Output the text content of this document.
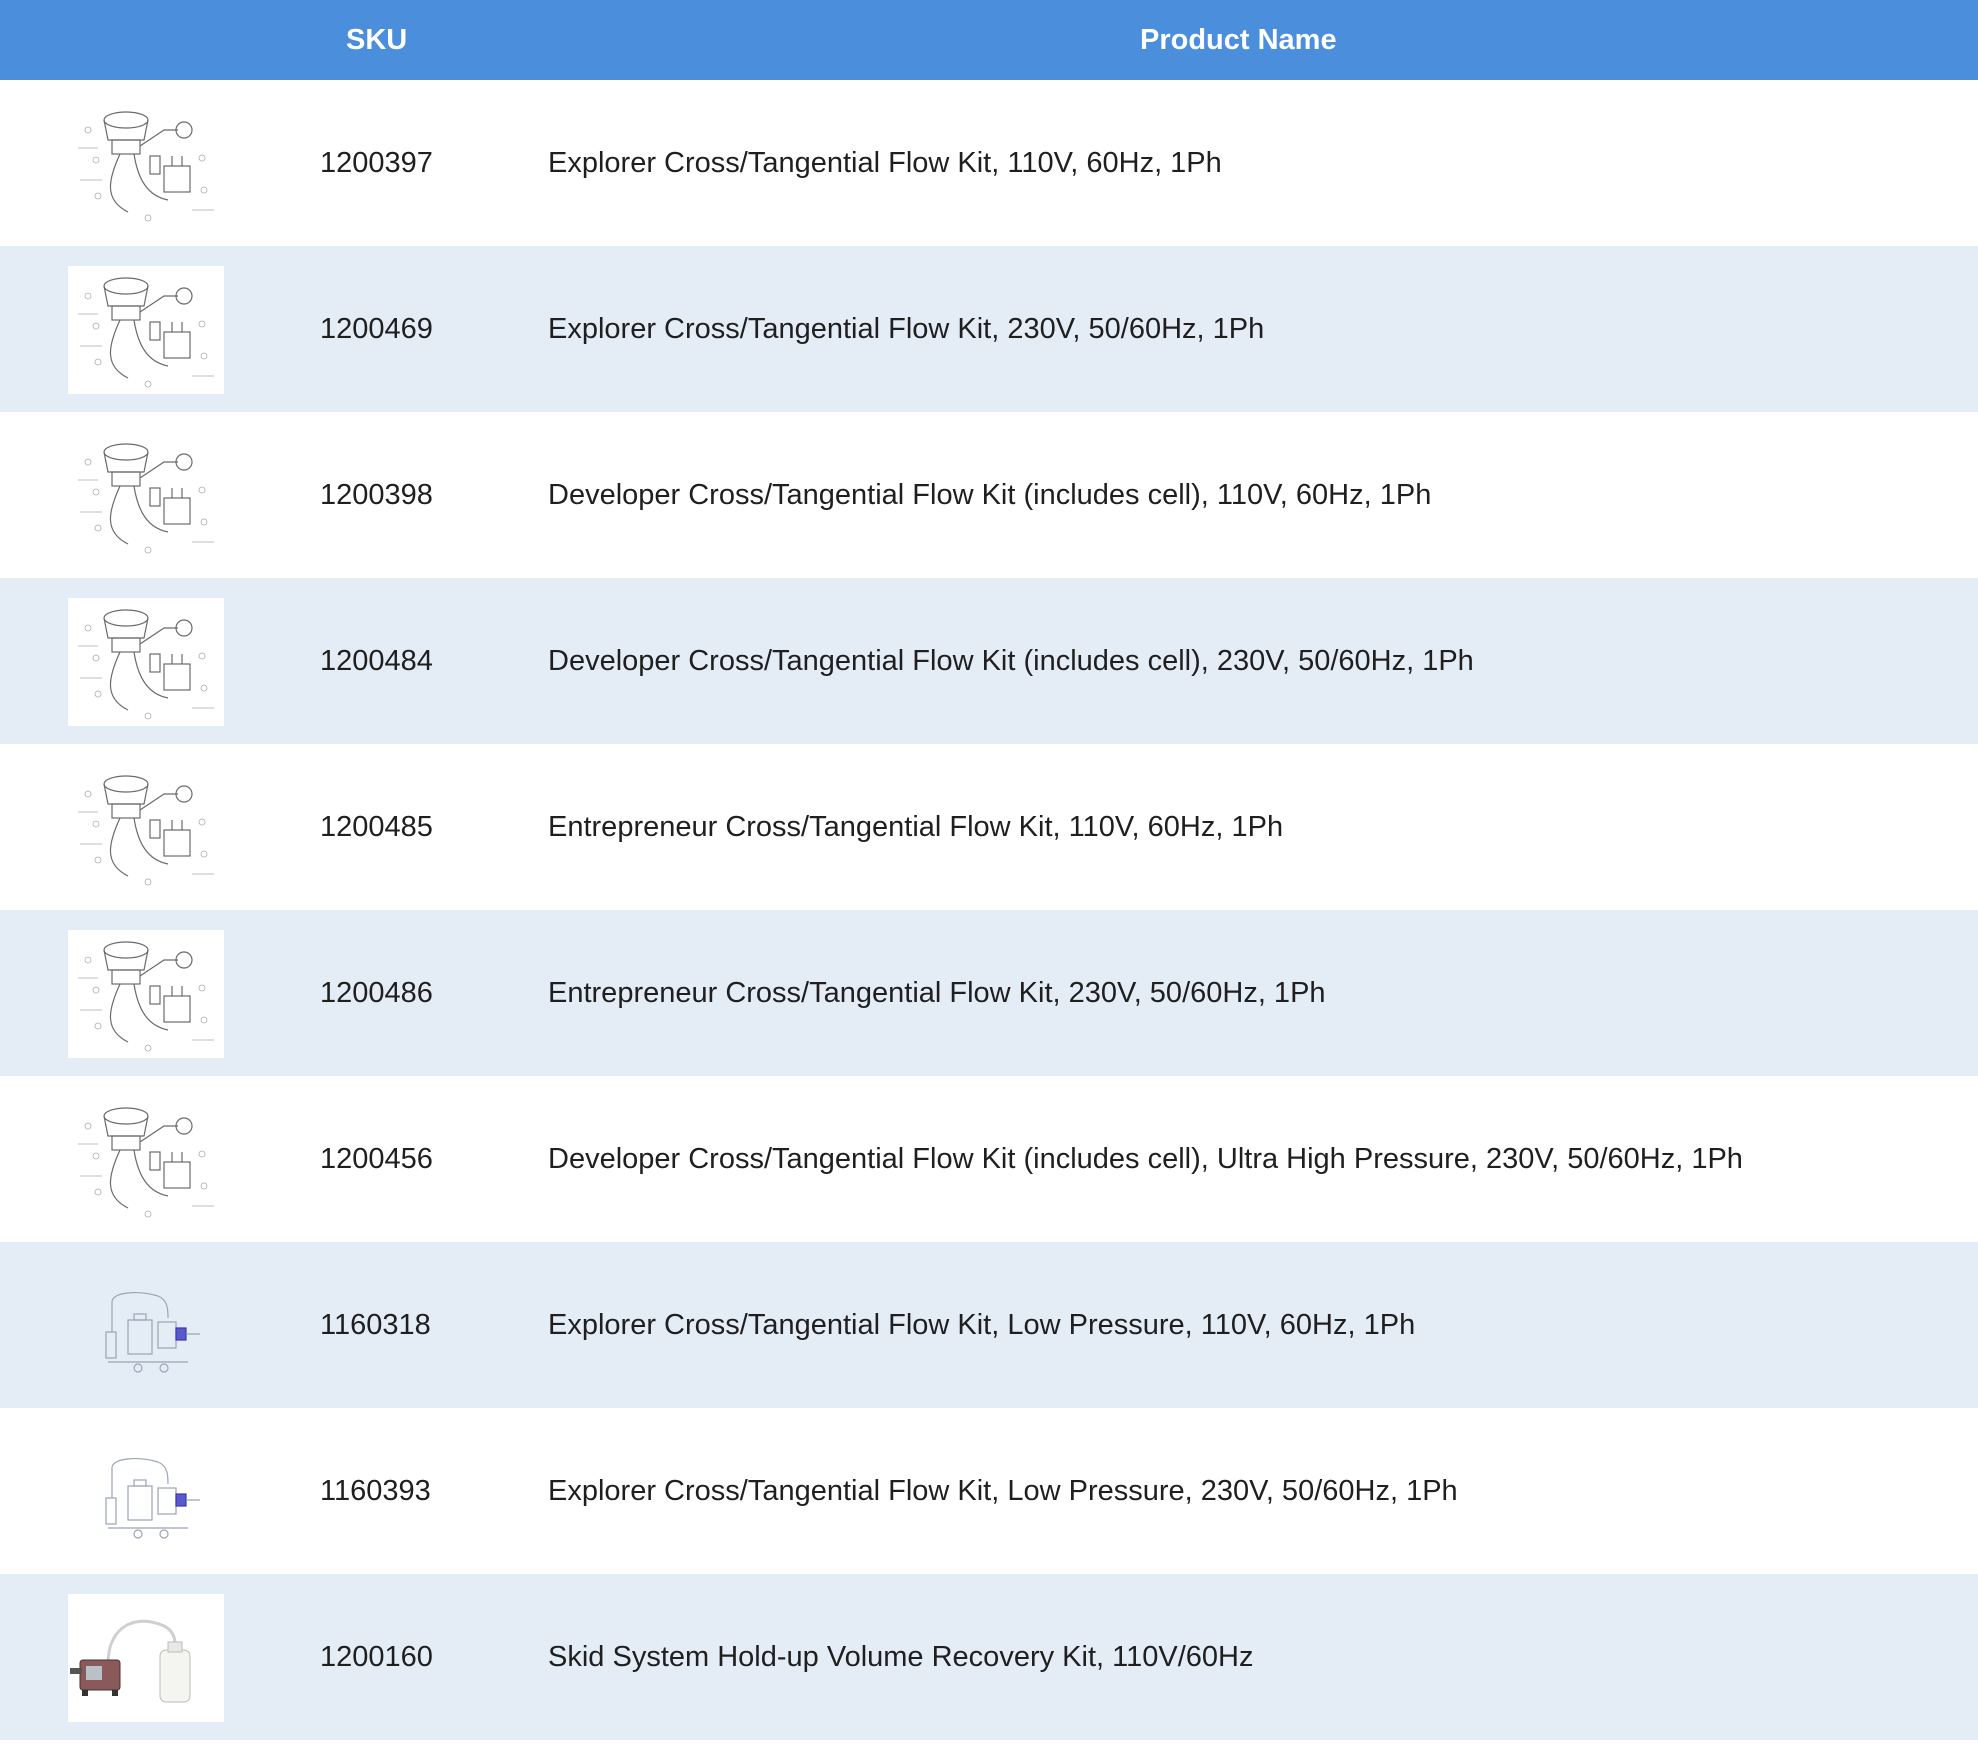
SKU	Product Name
1200397	Explorer Cross/Tangential Flow Kit, 110V, 60Hz, 1Ph
1200469	Explorer Cross/Tangential Flow Kit, 230V, 50/60Hz, 1Ph
1200398	Developer Cross/Tangential Flow Kit (includes cell), 110V, 60Hz, 1Ph
1200484	Developer Cross/Tangential Flow Kit (includes cell), 230V, 50/60Hz, 1Ph
1200485	Entrepreneur Cross/Tangential Flow Kit, 110V, 60Hz, 1Ph
1200486	Entrepreneur Cross/Tangential Flow Kit, 230V, 50/60Hz, 1Ph
1200456	Developer Cross/Tangential Flow Kit (includes cell), Ultra High Pressure, 230V, 50/60Hz, 1Ph
1160318	Explorer Cross/Tangential Flow Kit, Low Pressure, 110V, 60Hz, 1Ph
1160393	Explorer Cross/Tangential Flow Kit, Low Pressure, 230V, 50/60Hz, 1Ph
1200160	Skid System Hold-up Volume Recovery Kit, 110V/60Hz
